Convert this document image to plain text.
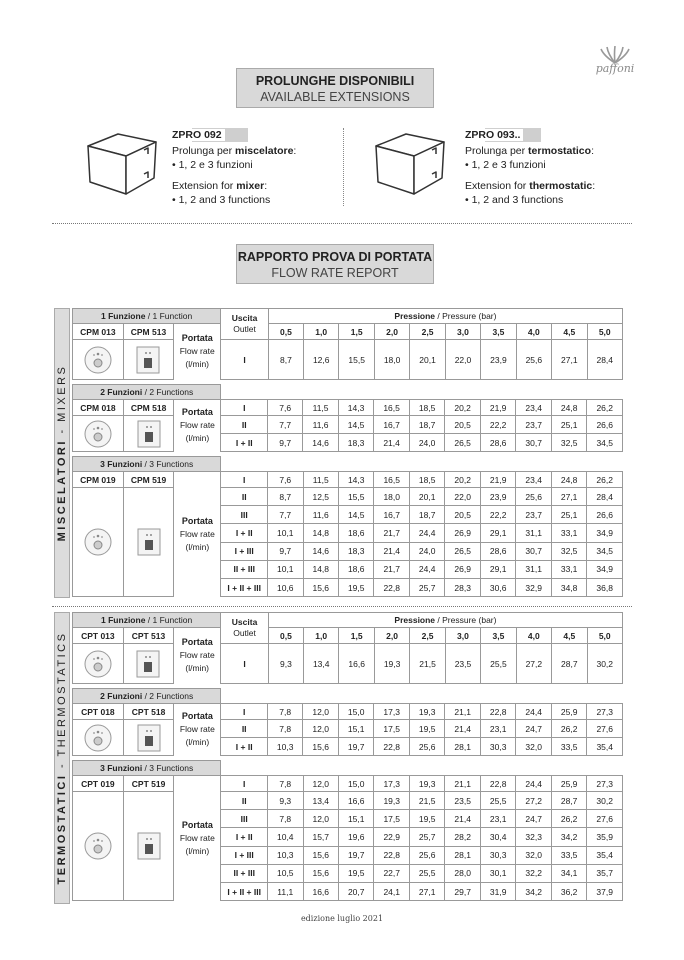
paffoni
PROLUNGHE DISPONIBILI
AVAILABLE EXTENSIONS
ZPRO 092
Prolunga per miscelatore:
• 1, 2 e 3 funzioni
Extension for mixer:
• 1, 2 and 3 functions
ZPRO 093..
Prolunga per termostatico:
• 1, 2 e 3 funzioni
Extension for thermostatic:
• 1, 2 and 3 functions
RAPPORTO PROVA DI PORTATA
FLOW RATE REPORT
MISCELATORI - MIXERS
TERMOSTATICI - THERMOSTATICS
1 Funzione / 1 Function			Uscita
Outlet	Pressione / Pressure (bar)									
CPM 013	CPM 513	Portata
Flow rate
(l/min)		0,5	1,0	1,5	2,0	2,5	3,0	3,5	4,0	4,5	5,0

	I	8,7	12,6	15,5	18,0	20,1	22,0	23,9	25,6	27,1	28,4
2 Funzioni / 2 Functions													
CPM 018	CPM 518	Portata
Flow rate
(l/min)	I	7,6	11,5	14,3	16,5	18,5	20,2	21,9	23,4	24,8	26,2

	II	7,7	11,6	14,5	16,7	18,7	20,5	22,2	23,7	25,1	26,6
			I + II	9,7	14,6	18,3	21,4	24,0	26,5	28,6	30,7	32,5	34,5
3 Funzioni / 3 Functions													
CPM 019	CPM 519	Portata
Flow rate
(l/min)	I	7,6	11,5	14,3	16,5	18,5	20,2	21,9	23,4	24,8	26,2

	II	8,7	12,5	15,5	18,0	20,1	22,0	23,9	25,6	27,1	28,4
			III	7,7	11,6	14,5	16,7	18,7	20,5	22,2	23,7	25,1	26,6
			I + II	10,1	14,8	18,6	21,7	24,4	26,9	29,1	31,1	33,1	34,9
			I + III	9,7	14,6	18,3	21,4	24,0	26,5	28,6	30,7	32,5	34,5
			II + III	10,1	14,8	18,6	21,7	24,4	26,9	29,1	31,1	33,1	34,9
			I + II + III	10,6	15,6	19,5	22,8	25,7	28,3	30,6	32,9	34,8	36,8
1 Funzione / 1 Function			Uscita
Outlet	Pressione / Pressure (bar)									
CPT 013	CPT 513	Portata
Flow rate
(l/min)		0,5	1,0	1,5	2,0	2,5	3,0	3,5	4,0	4,5	5,0

	I	9,3	13,4	16,6	19,3	21,5	23,5	25,5	27,2	28,7	30,2
2 Funzioni / 2 Functions													
CPT 018	CPT 518	Portata
Flow rate
(l/min)	I	7,8	12,0	15,0	17,3	19,3	21,1	22,8	24,4	25,9	27,3

	II	7,8	12,0	15,1	17,5	19,5	21,4	23,1	24,7	26,2	27,6
			I + II	10,3	15,6	19,7	22,8	25,6	28,1	30,3	32,0	33,5	35,4
3 Funzioni / 3 Functions													
CPT 019	CPT 519	Portata
Flow rate
(l/min)	I	7,8	12,0	15,0	17,3	19,3	21,1	22,8	24,4	25,9	27,3

	II	9,3	13,4	16,6	19,3	21,5	23,5	25,5	27,2	28,7	30,2
			III	7,8	12,0	15,1	17,5	19,5	21,4	23,1	24,7	26,2	27,6
			I + II	10,4	15,7	19,6	22,9	25,7	28,2	30,4	32,3	34,2	35,9
			I + III	10,3	15,6	19,7	22,8	25,6	28,1	30,3	32,0	33,5	35,4
			II + III	10,5	15,6	19,5	22,7	25,5	28,0	30,1	32,2	34,1	35,7
			I + II + III	11,1	16,6	20,7	24,1	27,1	29,7	31,9	34,2	36,2	37,9
edizione luglio 2021
